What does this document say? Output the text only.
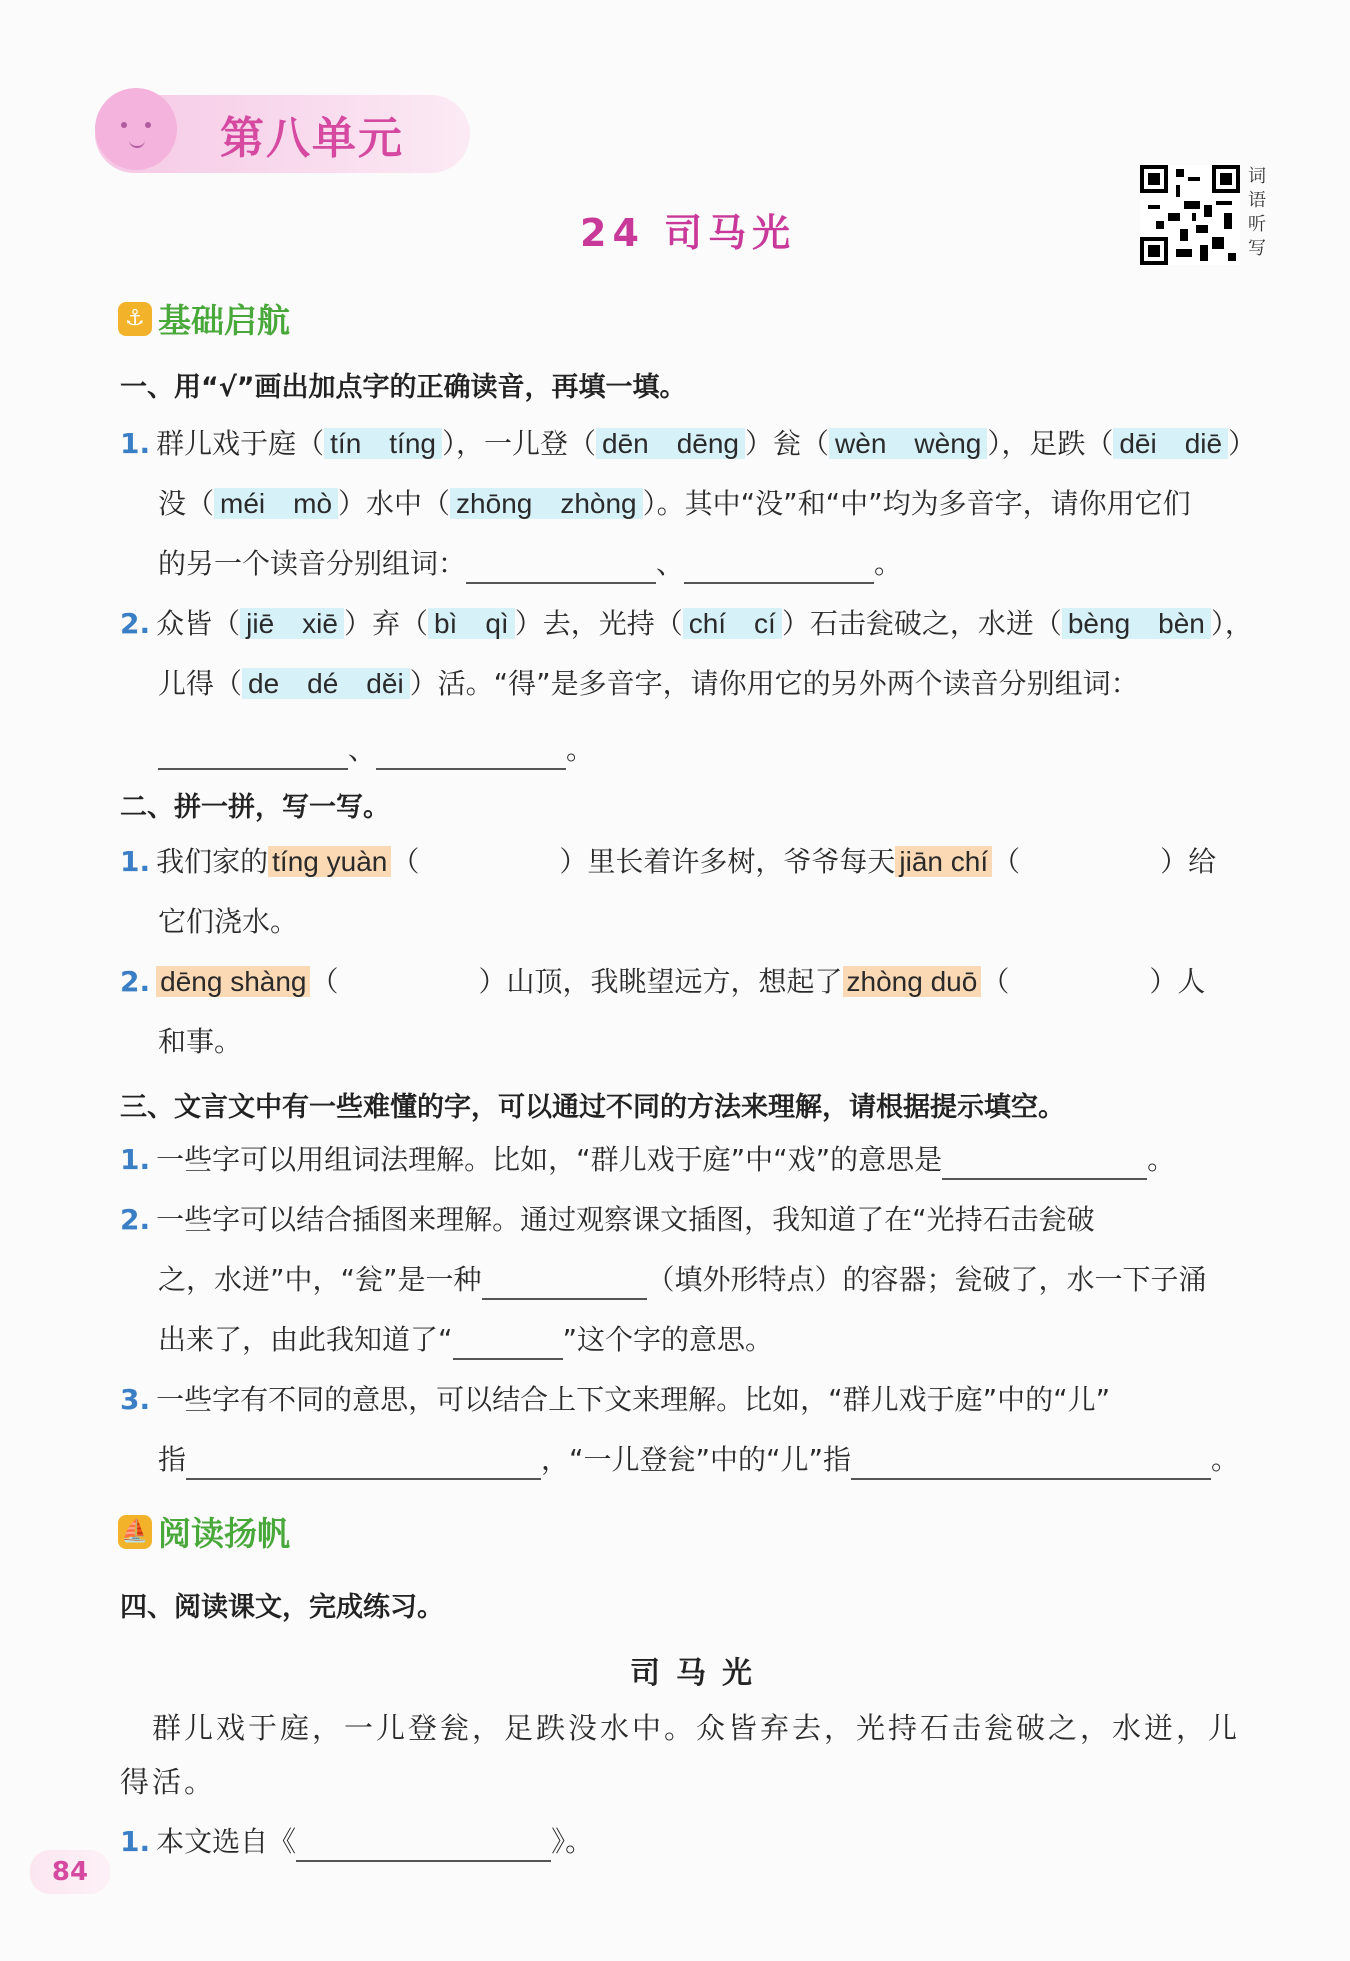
第八单元
24 司马光
词语听写
⚓ 基础启航
一、用“√”画出加点字的正确读音，再填一填。
1. 群儿戏于庭（ tín　tíng ），一儿登（ dēn　dēng ）瓮（ wèn　wèng ），足跌（ dēi　diē ）
没（ méi　mò ）水中（ zhōng　zhòng ）。其中“没”和“中”均为多音字，请你用它们
的另一个读音分别组词：	、	。
2. 众皆（ jiē　xiē ）弃（ bì　qì ）去，光持（ chí　cí ）石击瓮破之，水迸（ bèng　bèn ），
儿得（ de　dé　děi ）活。“得”是多音字，请你用它的另外两个读音分别组词：
、	。
二、拼一拼，写一写。
1. 我们家的 tíng yuàn （	）里长着许多树，爷爷每天 jiān chí （	）给
它们浇水。
2. dēng shàng （	）山顶，我眺望远方，想起了 zhòng duō （	）人
和事。
三、文言文中有一些难懂的字，可以通过不同的方法来理解，请根据提示填空。
1. 一些字可以用组词法理解。比如，“群儿戏于庭”中“戏”的意思是	。
2. 一些字可以结合插图来理解。通过观察课文插图，我知道了在“光持石击瓮破
之，水迸”中，“瓮”是一种	（填外形特点）的容器；瓮破了，水一下子涌
出来了，由此我知道了“	”这个字的意思。
3. 一些字有不同的意思，可以结合上下文来理解。比如，“群儿戏于庭”中的“儿”
指	，“一儿登瓮”中的“儿”指	。
⛵ 阅读扬帆
四、阅读课文，完成练习。
司马光
　群儿戏于庭，一儿登瓮，足跌没水中。众皆弃去，光持石击瓮破之，水迸，儿
得活。
1. 本文选自《	》。
84
